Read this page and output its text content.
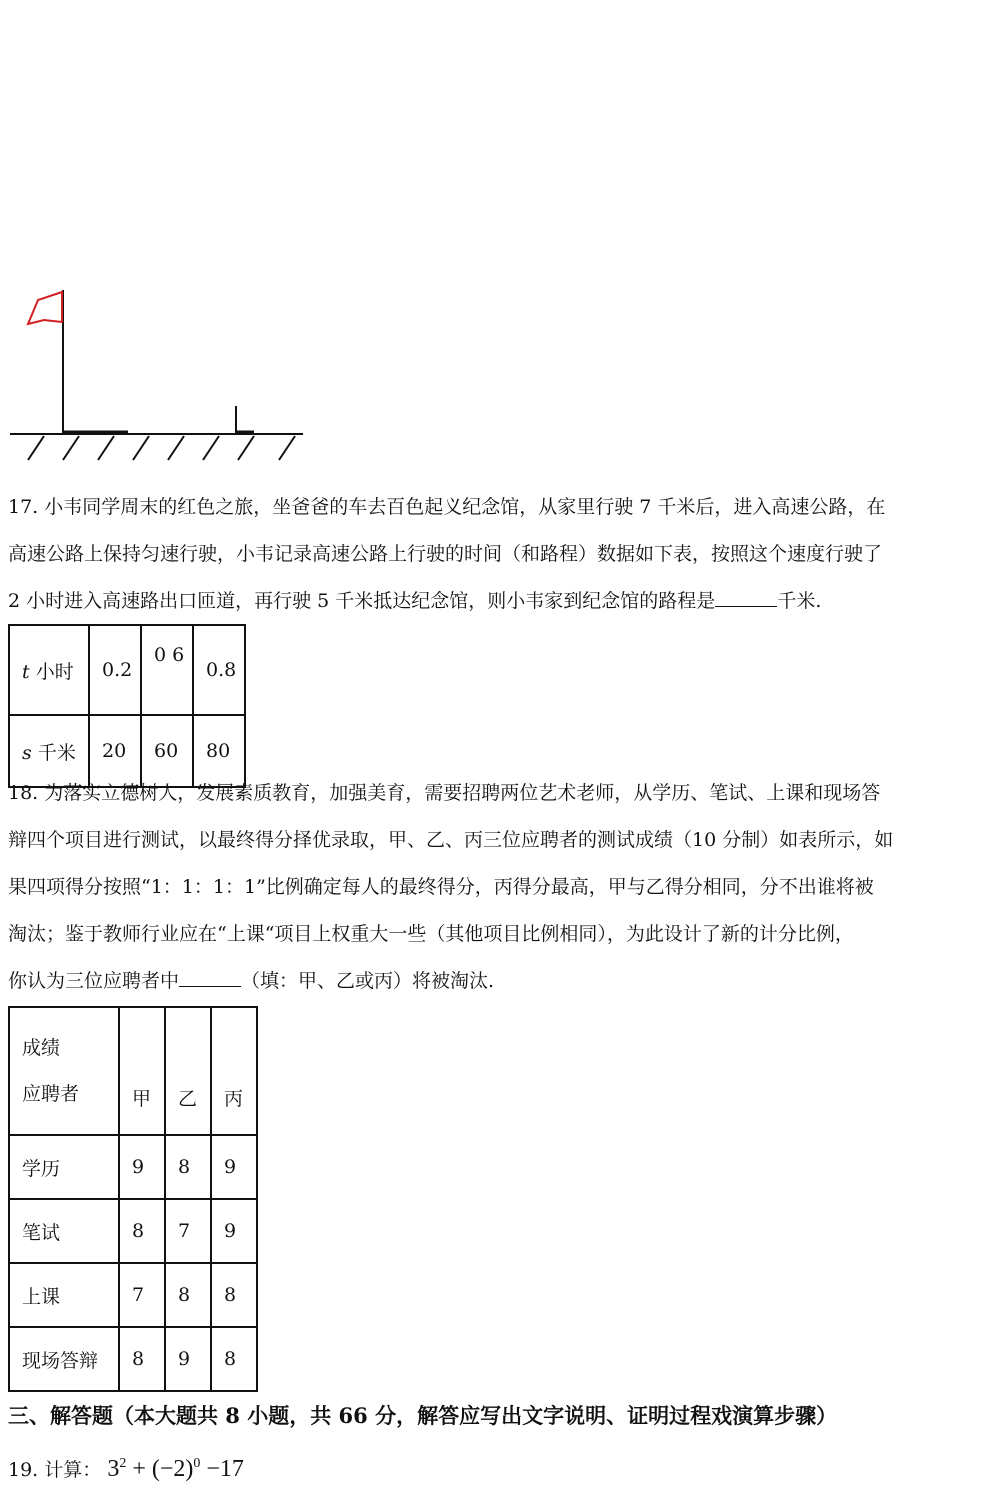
17. 小韦同学周末的红色之旅，坐爸爸的车去百色起义纪念馆，从家里行驶 7 千米后，进入高速公路，在

高速公路上保持匀速行驶，小韦记录高速公路上行驶的时间（和路程）数据如下表，按照这个速度行驶了

2 小时进入高速路出口匝道，再行驶 5 千米抵达纪念馆，则小韦家到纪念馆的路程是	千米.

t 小时	0.2	0 6	0.8
s 千米	20	60	80

18. 为落实立德树人，发展素质教育，加强美育，需要招聘两位艺术老师，从学历、笔试、上课和现场答

辩四个项目进行测试，以最终得分择优录取，甲、乙、丙三位应聘者的测试成绩（10 分制）如表所示，如

果四项得分按照“1：1：1：1”比例确定每人的最终得分，丙得分最高，甲与乙得分相同，分不出谁将被

淘汰；鉴于教师行业应在“上课“项目上权重大一些（其他项目比例相同），为此设计了新的计分比例，

你认为三位应聘者中	（填：甲、乙或丙）将被淘汰.

成绩
应聘者	甲	乙	丙
学历	9	8	9
笔试	8	7	9
上课	7	8	8
现场答辩	8	9	8
三、解答题（本大题共 8 小题，共 66 分，解答应写出文字说明、证明过程戏演算步骤）
19. 计算： $3^2 + (-2)^0 -17$
